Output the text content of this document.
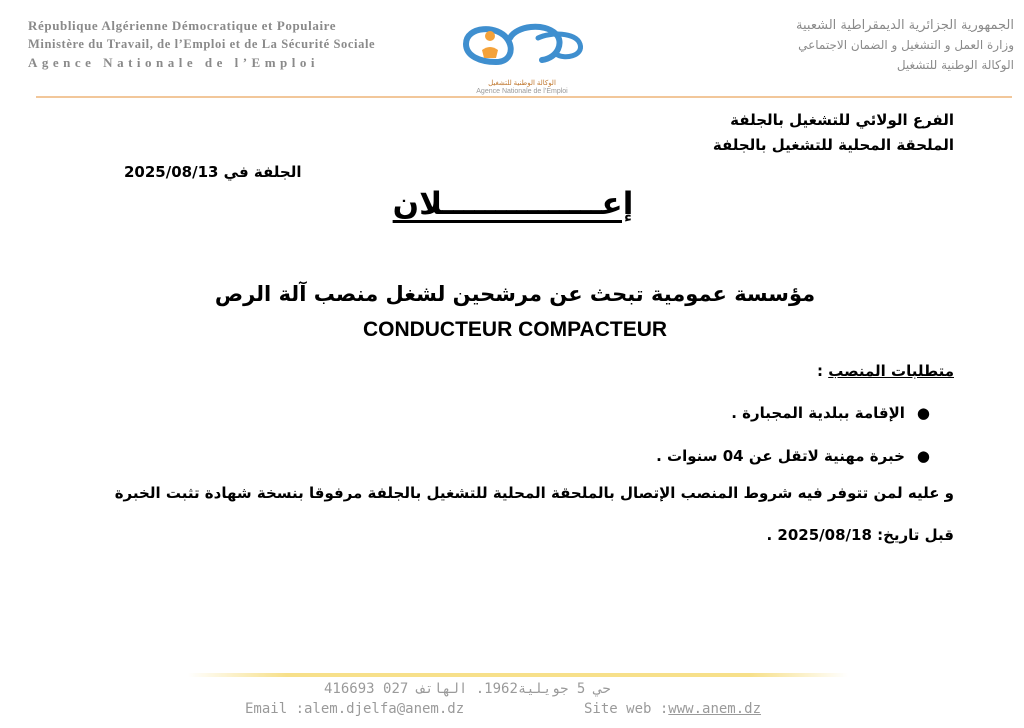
République Algérienne Démocratique et Populaire
Ministère du Travail, de l’Emploi et de La Sécurité Sociale
Agence Nationale de l’Emploi
الوكالة الوطنية للتشغيل
Agence Nationale de l’Emploi
الجمهورية الجزائرية الديمقراطية الشعبية
وزارة العمل و التشغيل و الضمان الاجتماعي
الوكالة الوطنية للتشغيل
الفرع الولائي للتشغيل بالجلفة
الملحقة المحلية للتشغيل بالجلفة
الجلفة في 2025/08/13
إعـــــــــــــــلان
مؤسسة عمومية تبحث عن مرشحين لشغل منصب آلة الرص
CONDUCTEUR COMPACTEUR
متطلبات المنصب :
●الإقامة ببلدية المجبارة .
●خبرة مهنية لاتقل عن 04 سنوات .
و عليه لمن تتوفر فيه شروط المنصب الإتصال بالملحقة المحلية للتشغيل بالجلفة مرفوقا بنسخة شهادة تثبت الخبرة
قبل تاريخ: 2025/08/18 .
حي 5 جويلية1962. الهاتف 027 416693
Email :alem.djelfa@anem.dz	Site web :www.anem.dz
